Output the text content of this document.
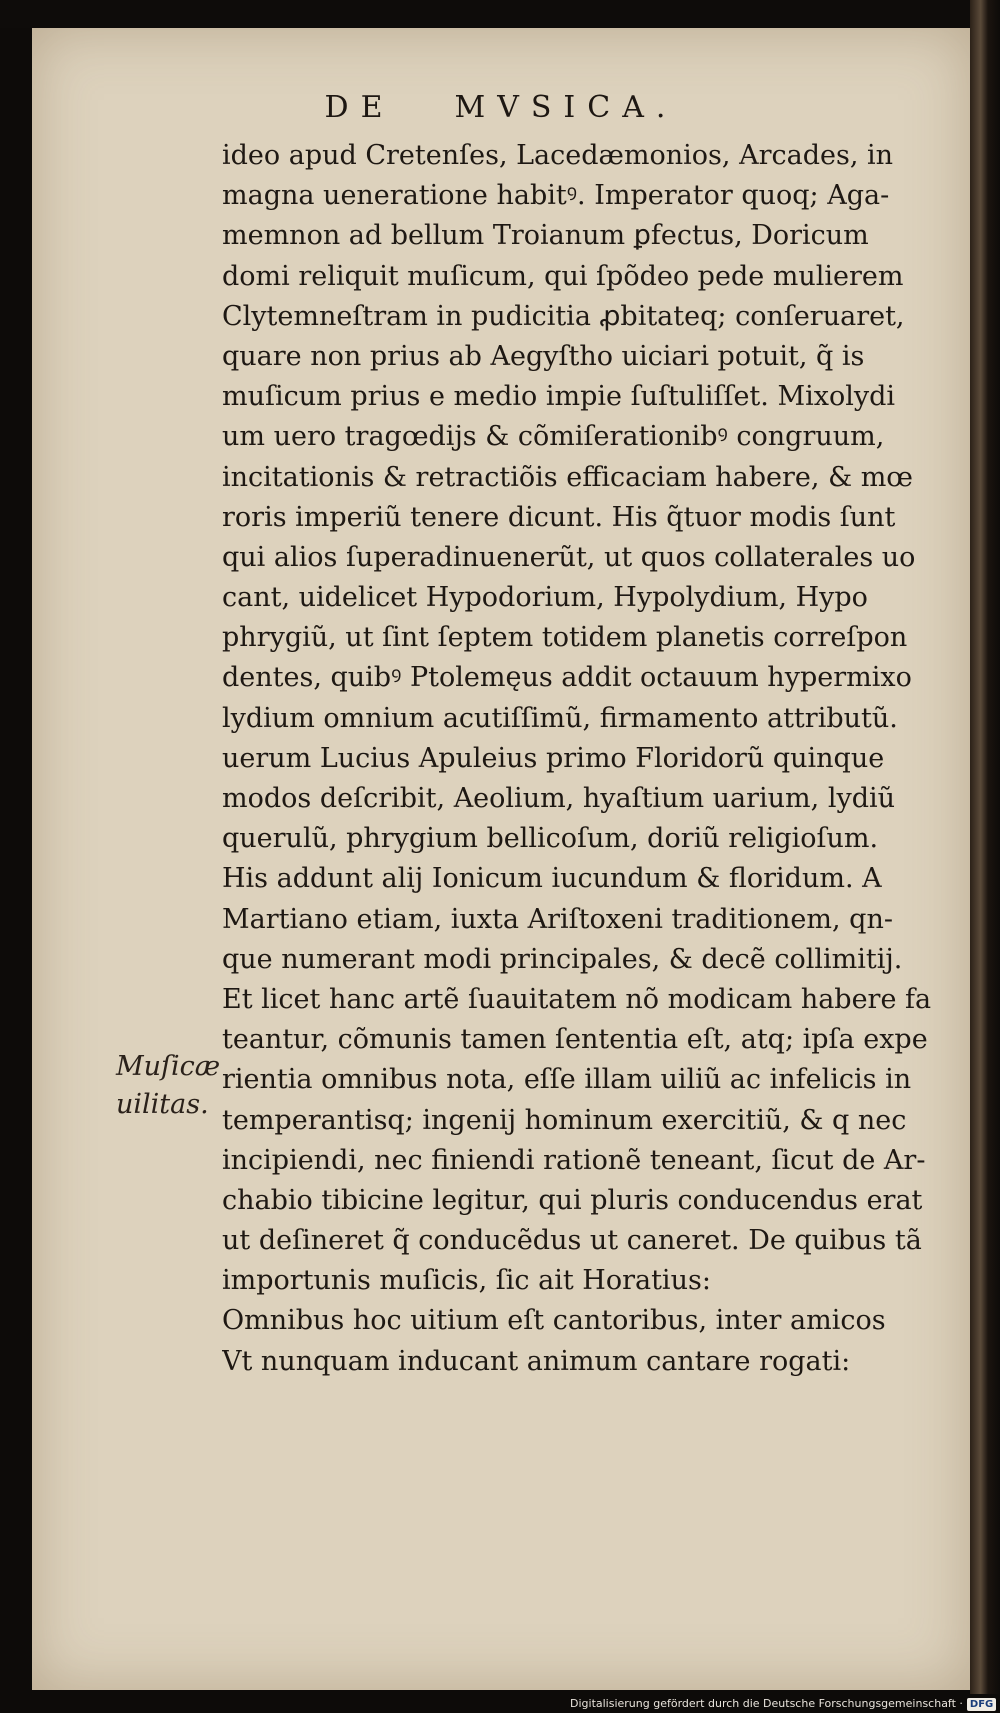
DE MVSICA.
Muſicæ
uilitas.
ideo apud Cretenſes, Lacedæmonios, Arcades, in
magna ueneratione habitꝰ. Imperator quoq; Aga-
memnon ad bellum Troianum ꝑfectus, Doricum
domi reliquit muſicum, qui ſpõdeo pede mulierem
Clytemneſtram in pudicitia ꝓbitateq; conſeruaret,
quare non prius ab Aegyſtho uiciari potuit, q̃ is
muſicum prius e medio impie ſuſtuliſſet. Mixolydi
um uero tragœdijs & cõmiſerationibꝰ congruum,
incitationis & retractiõis efficaciam habere, & mœ
roris imperiũ tenere dicunt. His q̃tuor modis ſunt
qui alios ſuperadinuenerũt, ut quos collaterales uo
cant, uidelicet Hypodorium, Hypolydium, Hypo
phrygiũ, ut ſint ſeptem totidem planetis correſpon
dentes, quibꝰ Ptolemęus addit octauum hypermixo
lydium omnium acutiſſimũ, firmamento attributũ.
uerum Lucius Apuleius primo Floridorũ quinque
modos deſcribit, Aeolium, hyaſtium uarium, lydiũ
querulũ, phrygium bellicoſum, doriũ religioſum.
His addunt alij Ionicum iucundum & floridum. A
Martiano etiam, iuxta Ariſtoxeni traditionem, qn-
que numerant modi principales, & decẽ collimitij.
Et licet hanc artẽ ſuauitatem nõ modicam habere fa
teantur, cõmunis tamen ſententia eſt, atq; ipſa expe
rientia omnibus nota, eſſe illam uiliũ ac infelicis in
temperantisq; ingenij hominum exercitiũ, & q nec
incipiendi, nec finiendi rationẽ teneant, ſicut de Ar-
chabio tibicine legitur, qui pluris conducendus erat
ut deſineret q̃ conducẽdus ut caneret. De quibus tã
importunis muſicis, ſic ait Horatius:
Omnibus hoc uitium eſt cantoribus, inter amicos
Vt nunquam inducant animum cantare rogati:
Digitalisierung gefördert durch die Deutsche Forschungsgemeinschaft · DFG
